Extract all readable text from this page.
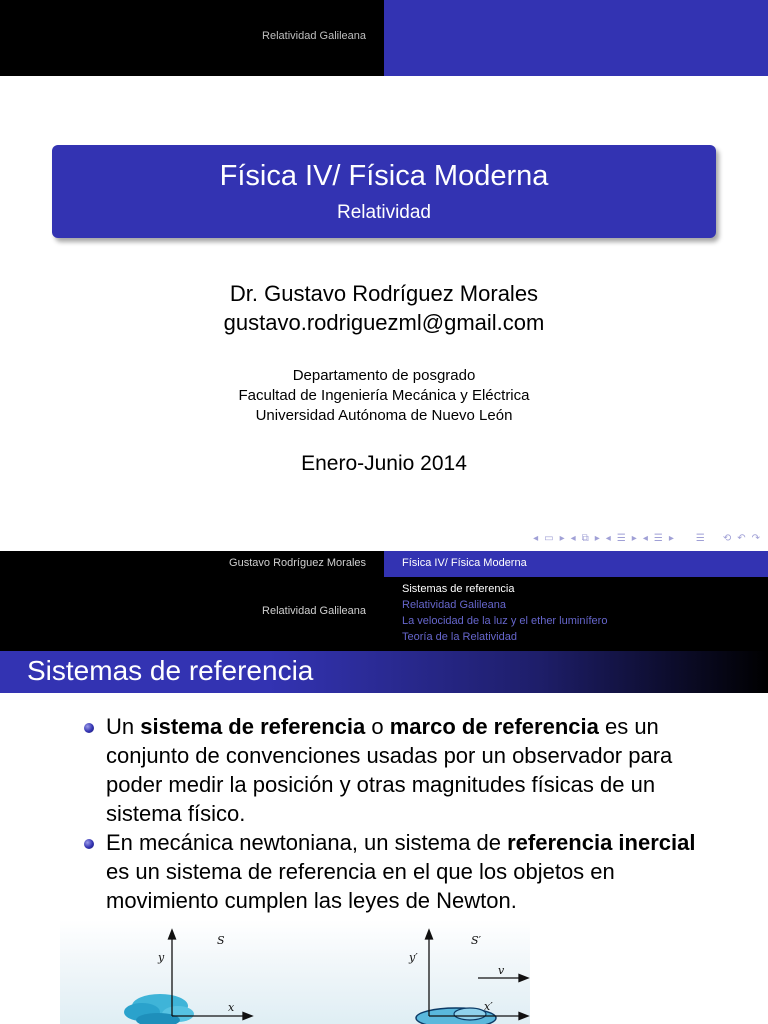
Relatividad Galileana
Física IV/ Física Moderna
Relatividad
Dr. Gustavo Rodríguez Morales
gustavo.rodriguezml@gmail.com
Departamento de posgrado
Facultad de Ingeniería Mecánica y Eléctrica
Universidad Autónoma de Nuevo León
Enero-Junio 2014
◂ ▭ ▸ ◂ ⧉ ▸ ◂ ☰ ▸ ◂ ☰ ▸ ☰ ⟲ ↶ ↷
Gustavo Rodríguez Morales
Relatividad Galileana
Física IV/ Física Moderna
Sistemas de referencia
Relatividad Galileana
La velocidad de la luz y el ether luminífero
Teoría de la Relatividad
Sistemas de referencia
Un sistema de referencia o marco de referencia es un conjunto de convenciones usadas por un observador para poder medir la posición y otras magnitudes físicas de un sistema físico.
En mecánica newtoniana, un sistema de referencia inercial es un sistema de referencia en el que los objetos en movimiento cumplen las leyes de Newton.
S
y
x
S′
y′
v
x′
